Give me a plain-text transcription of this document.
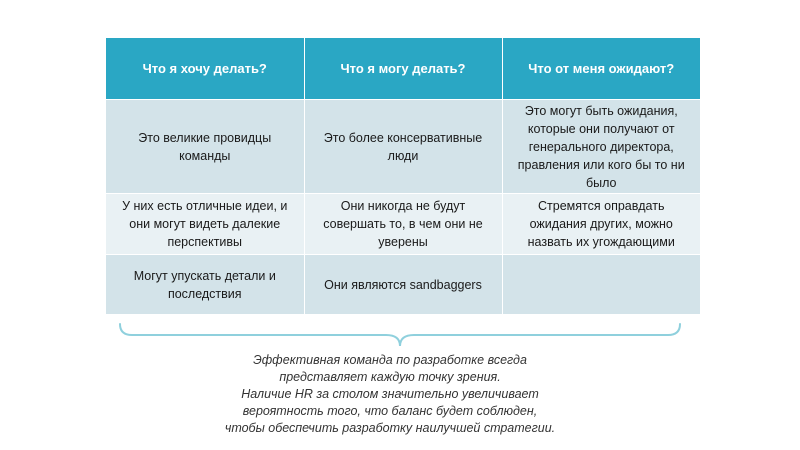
Что я хочу делать?	Что я могу делать?	Что от меня ожидают?
Это великие провидцы команды	Это более консервативные люди	Это могут быть ожидания, которые они получают от генерального директора, правления или кого бы то ни было
У них есть отличные идеи, и они могут видеть далекие перспективы	Они никогда не будут совершать то, в чем они не уверены	Стремятся оправдать ожидания других, можно назвать их угождающими
Могут упускать детали и последствия	Они являются sandbaggers	
Эффективная команда по разработке всегда
представляет каждую точку зрения.
Наличие HR за столом значительно увеличивает
вероятность того, что баланс будет соблюден,
чтобы обеспечить разработку наилучшей стратегии.
